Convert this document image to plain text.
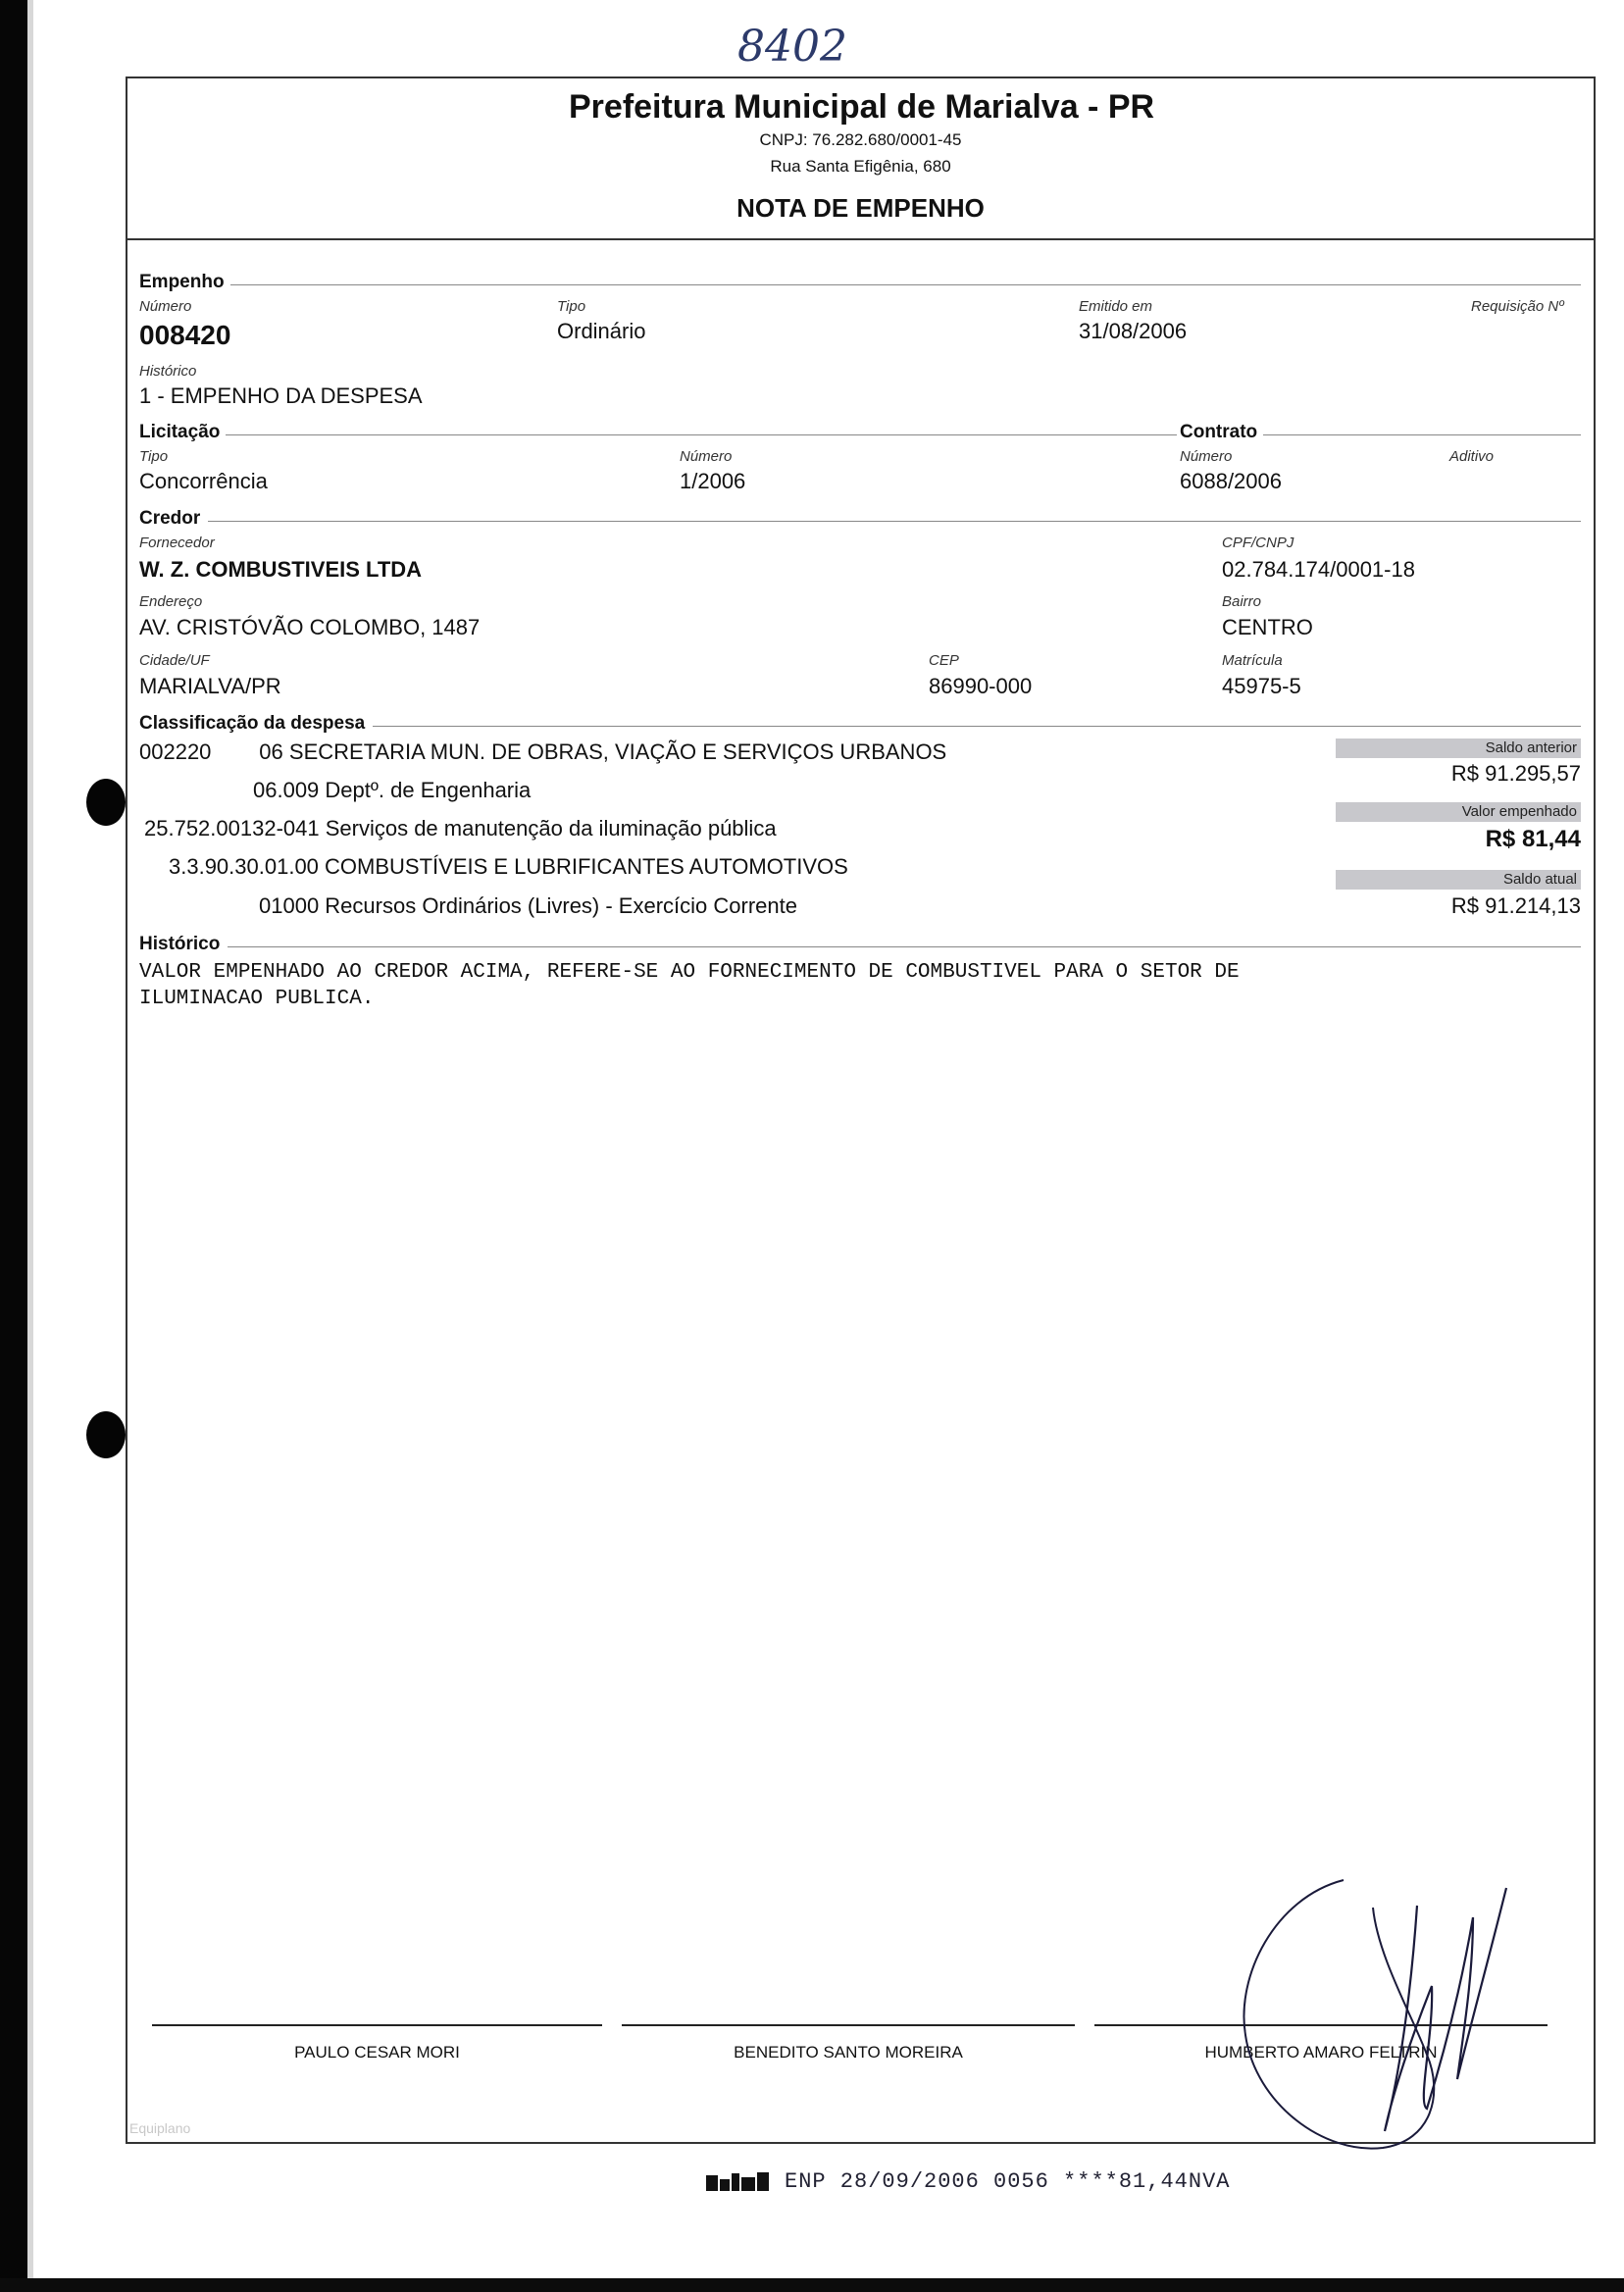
8402
Prefeitura Municipal de Marialva - PR
CNPJ: 76.282.680/0001-45
Rua Santa Efigênia, 680
NOTA DE EMPENHO
Empenho
Número
008420
Tipo
Ordinário
Emitido em
31/08/2006
Requisição Nº
Histórico
1 - EMPENHO DA DESPESA
Licitação	Contrato
Tipo
Concorrência
Número
1/2006
Número
6088/2006
Aditivo
Credor
Fornecedor
W. Z. COMBUSTIVEIS LTDA
CPF/CNPJ
02.784.174/0001-18
Endereço
AV. CRISTÓVÃO COLOMBO, 1487
Bairro
CENTRO
Cidade/UF
MARIALVA/PR
CEP
86990-000
Matrícula
45975-5
Classificação da despesa
002220        06 SECRETARIA MUN. DE OBRAS, VIAÇÃO E SERVIÇOS URBANOS
06.009 Deptº. de Engenharia
25.752.00132-041 Serviços de manutenção da iluminação pública
3.3.90.30.01.00 COMBUSTÍVEIS E LUBRIFICANTES AUTOMOTIVOS
01000 Recursos Ordinários (Livres) - Exercício Corrente
Saldo anterior
R$ 91.295,57
Valor empenhado
R$ 81,44
Saldo atual
R$ 91.214,13
Histórico
VALOR EMPENHADO AO CREDOR ACIMA, REFERE-SE AO FORNECIMENTO DE COMBUSTIVEL PARA O SETOR DE
ILUMINACAO PUBLICA.
PAULO CESAR MORI	BENEDITO SANTO MOREIRA	HUMBERTO AMARO FELTRIN
Equiplano
ENP 28/09/2006 0056 ****81,44NVA
